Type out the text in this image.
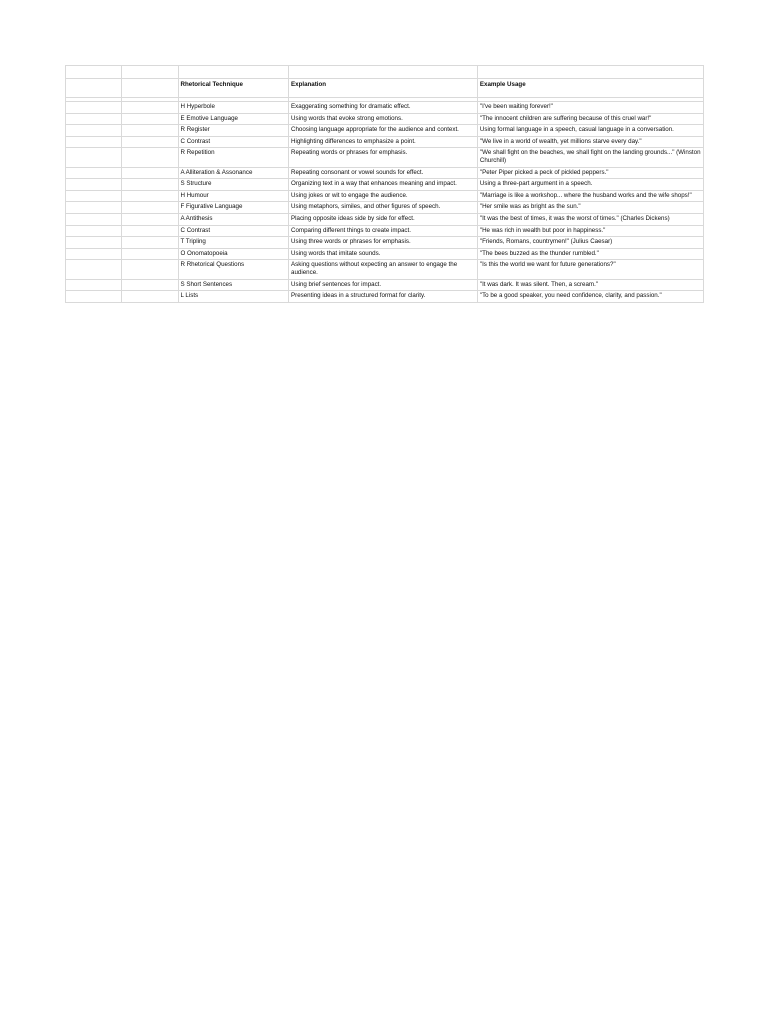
		Rhetorical Technique	Explanation	Example Usage

		H Hyperbole	Exaggerating something for dramatic effect.	"I've been waiting forever!"
		E Emotive Language	Using words that evoke strong emotions.	"The innocent children are suffering because of this cruel war!"
		R Register	Choosing language appropriate for the audience and context.	Using formal language in a speech, casual language in a conversation.
		C Contrast	Highlighting differences to emphasize a point.	"We live in a world of wealth, yet millions starve every day."
		R Repetition	Repeating words or phrases for emphasis.	"We shall fight on the beaches, we shall fight on the landing grounds..." (Winston Churchill)
		A Alliteration & Assonance	Repeating consonant or vowel sounds for effect.	"Peter Piper picked a peck of pickled peppers."
		S Structure	Organizing text in a way that enhances meaning and impact.	Using a three-part argument in a speech.
		H Humour	Using jokes or wit to engage the audience.	"Marriage is like a workshop... where the husband works and the wife shops!"
		F Figurative Language	Using metaphors, similes, and other figures of speech.	"Her smile was as bright as the sun."
		A Antithesis	Placing opposite ideas side by side for effect.	"It was the best of times, it was the worst of times." (Charles Dickens)
		C Contrast	Comparing different things to create impact.	"He was rich in wealth but poor in happiness."
		T Tripling	Using three words or phrases for emphasis.	"Friends, Romans, countrymen!" (Julius Caesar)
		O Onomatopoeia	Using words that imitate sounds.	"The bees buzzed as the thunder rumbled."
		R Rhetorical Questions	Asking questions without expecting an answer to engage the audience.	"Is this the world we want for future generations?"
		S Short Sentences	Using brief sentences for impact.	"It was dark. It was silent. Then, a scream."
		L Lists	Presenting ideas in a structured format for clarity.	"To be a good speaker, you need confidence, clarity, and passion."
